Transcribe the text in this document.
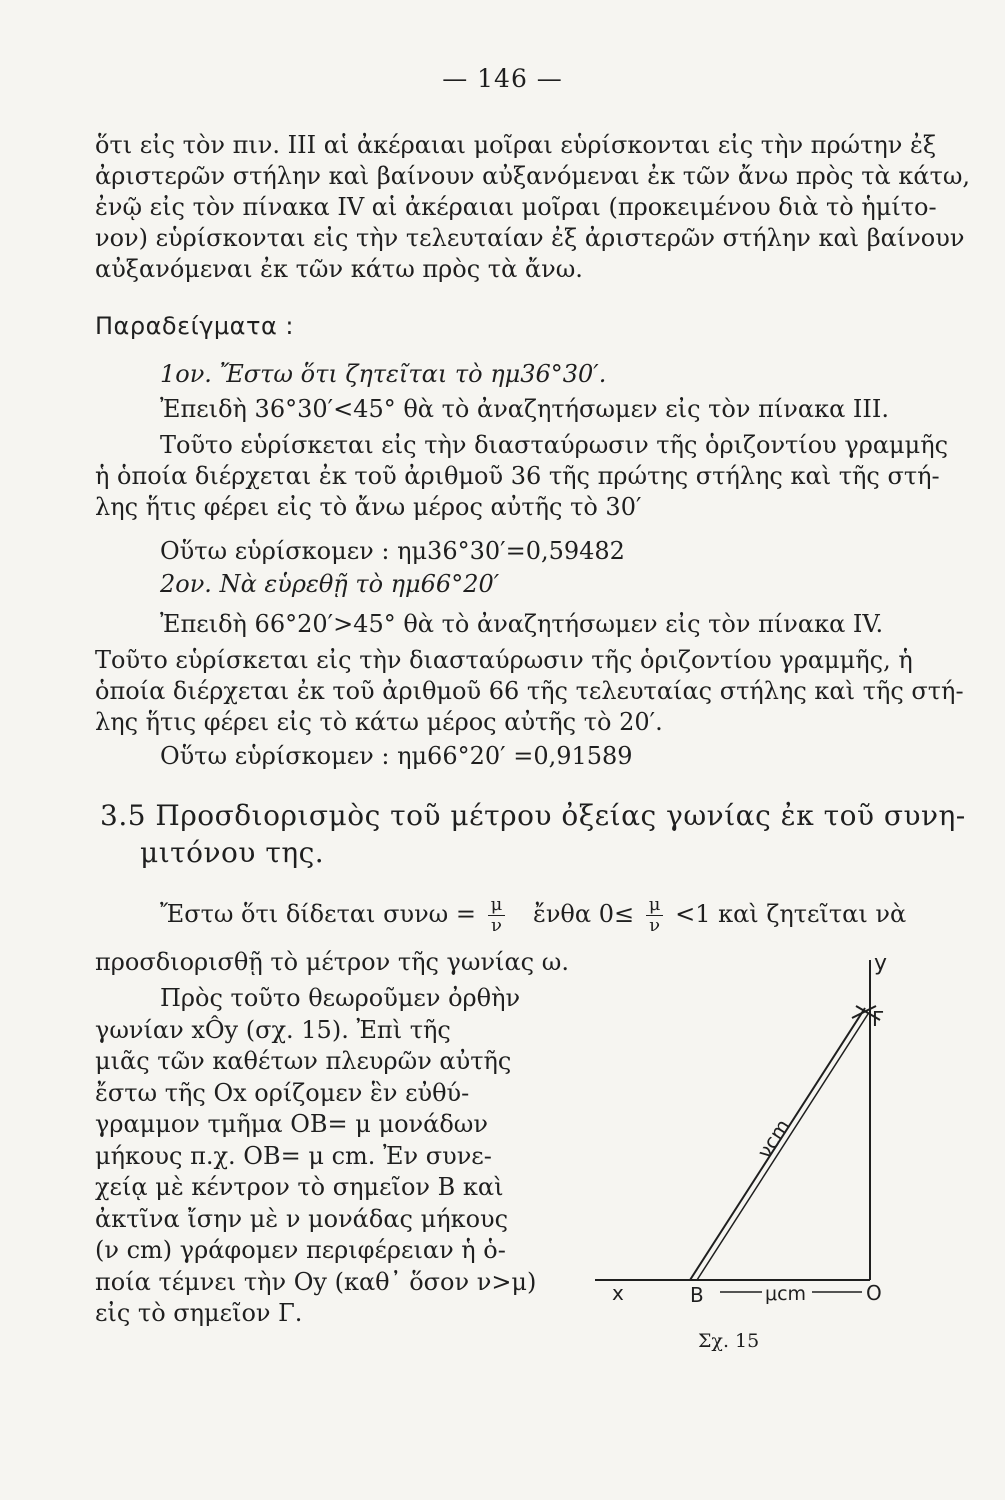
— 146 —
ὅτι εἰς τὸν πιν. III αἱ ἀκέραιαι μοῖραι εὑρίσκονται εἰς τὴν πρώτην ἐξ
ἀριστερῶν στήλην καὶ βαίνουν αὐξανόμεναι ἐκ τῶν ἄνω πρὸς τὰ κάτω,
ἐνῷ εἰς τὸν πίνακα IV αἱ ἀκέραιαι μοῖραι (προκειμένου διὰ τὸ ἡμίτο-
νον) εὑρίσκονται εἰς τὴν τελευταίαν ἐξ ἀριστερῶν στήλην καὶ βαίνουν
αὐξανόμεναι ἐκ τῶν κάτω πρὸς τὰ ἄνω.
Παραδείγματα :
1ον. Ἔστω ὅτι ζητεῖται τὸ ημ36°30′.
Ἐπειδὴ 36°30′<45° θὰ τὸ ἀναζητήσωμεν εἰς τὸν πίνακα III.
Τοῦτο εὑρίσκεται εἰς τὴν διασταύρωσιν τῆς ὁριζοντίου γραμμῆς
ἡ ὁποία διέρχεται ἐκ τοῦ ἀριθμοῦ 36 τῆς πρώτης στήλης καὶ τῆς στή-
λης ἥτις φέρει εἰς τὸ ἄνω μέρος αὐτῆς τὸ 30′
Οὕτω εὑρίσκομεν : ημ36°30′=0,59482
2ον. Νὰ εὑρεθῇ τὸ ημ66°20′
Ἐπειδὴ 66°20′>45° θὰ τὸ ἀναζητήσωμεν εἰς τὸν πίνακα IV.
Τοῦτο εὑρίσκεται εἰς τὴν διασταύρωσιν τῆς ὁριζοντίου γραμμῆς, ἡ
ὁποία διέρχεται ἐκ τοῦ ἀριθμοῦ 66 τῆς τελευταίας στήλης καὶ τῆς στή-
λης ἥτις φέρει εἰς τὸ κάτω μέρος αὐτῆς τὸ 20′.
Οὕτω εὑρίσκομεν : ημ66°20′ =0,91589
3.5 Προσδιορισμὸς τοῦ μέτρου ὀξείας γωνίας ἐκ τοῦ συνη-
μιτόνου της.
Ἔστω ὅτι δίδεται $\sigma\upsilon\nu\omega = \frac{\mu}{\nu}$ ἔνθα $0\le \frac{\mu}{\nu} <1$ καὶ ζητεῖται νὰ
προσδιορισθῇ τὸ μέτρον τῆς γωνίας ω.
Πρὸς τοῦτο θεωροῦμεν ὀρθὴν
γωνίαν xÔy (σχ. 15). Ἐπὶ τῆς
μιᾶς τῶν καθέτων πλευρῶν αὐτῆς
ἔστω τῆς Ox ορίζομεν ἓν εὐθύ-
γραμμον τμῆμα OB= μ μονάδων
μήκους π.χ. OB= μ cm. Ἐν συνε-
χείᾳ μὲ κέντρον τὸ σημεῖον B καὶ
ἀκτῖνα ἴσην μὲ ν μονάδας μήκους
(ν cm) γράφομεν περιφέρειαν ἡ ὁ-
ποία τέμνει τὴν Oy (καθ᾽ ὅσον ν>μ)
εἰς τὸ σημεῖον Γ.
x	B	μcm	O
y
Γ
νcm
Σχ. 15
